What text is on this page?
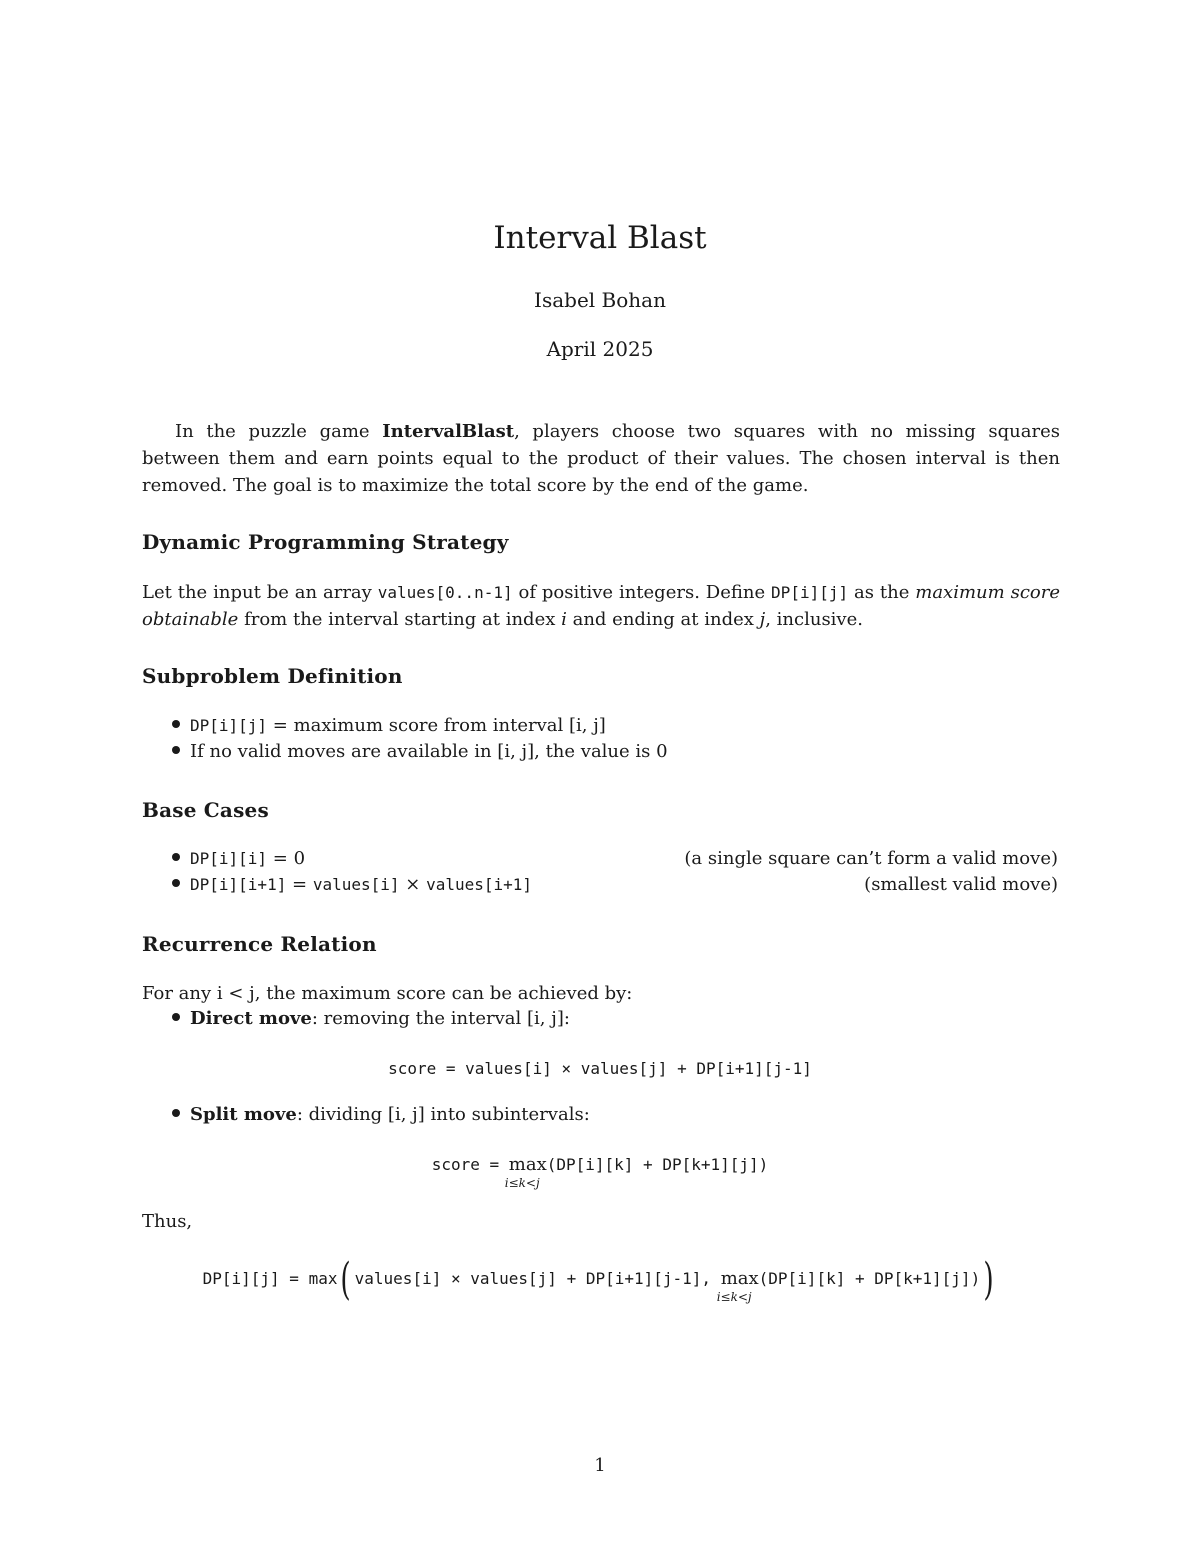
Interval Blast
Isabel Bohan
April 2025
In the puzzle game IntervalBlast, players choose two squares with no missing squares between them and earn points equal to the product of their values. The chosen interval is then removed. The goal is to maximize the total score by the end of the game.
Dynamic Programming Strategy
Let the input be an array values[0..n-1] of positive integers. Define DP[i][j] as the maximum score obtainable from the interval starting at index i and ending at index j, inclusive.
Subproblem Definition
DP[i][j] = maximum score from interval [i, j]
If no valid moves are available in [i, j], the value is 0
Base Cases
DP[i][i] = 0	(a single square can’t form a valid move)
DP[i][i+1] = values[i] × values[i+1]	(smallest valid move)
Recurrence Relation
For any i < j, the maximum score can be achieved by:
Direct move: removing the interval [i, j]:
score = values[i] × values[j] + DP[i+1][j-1]
Split move: dividing [i, j] into subintervals:
score = max
i≤k<j
(DP[i][k] + DP[k+1][j])
Thus,
DP[i][j] = max( values[i] × values[j] + DP[i+1][j-1], max
i≤k<j
(DP[i][k] + DP[k+1][j]))
1
